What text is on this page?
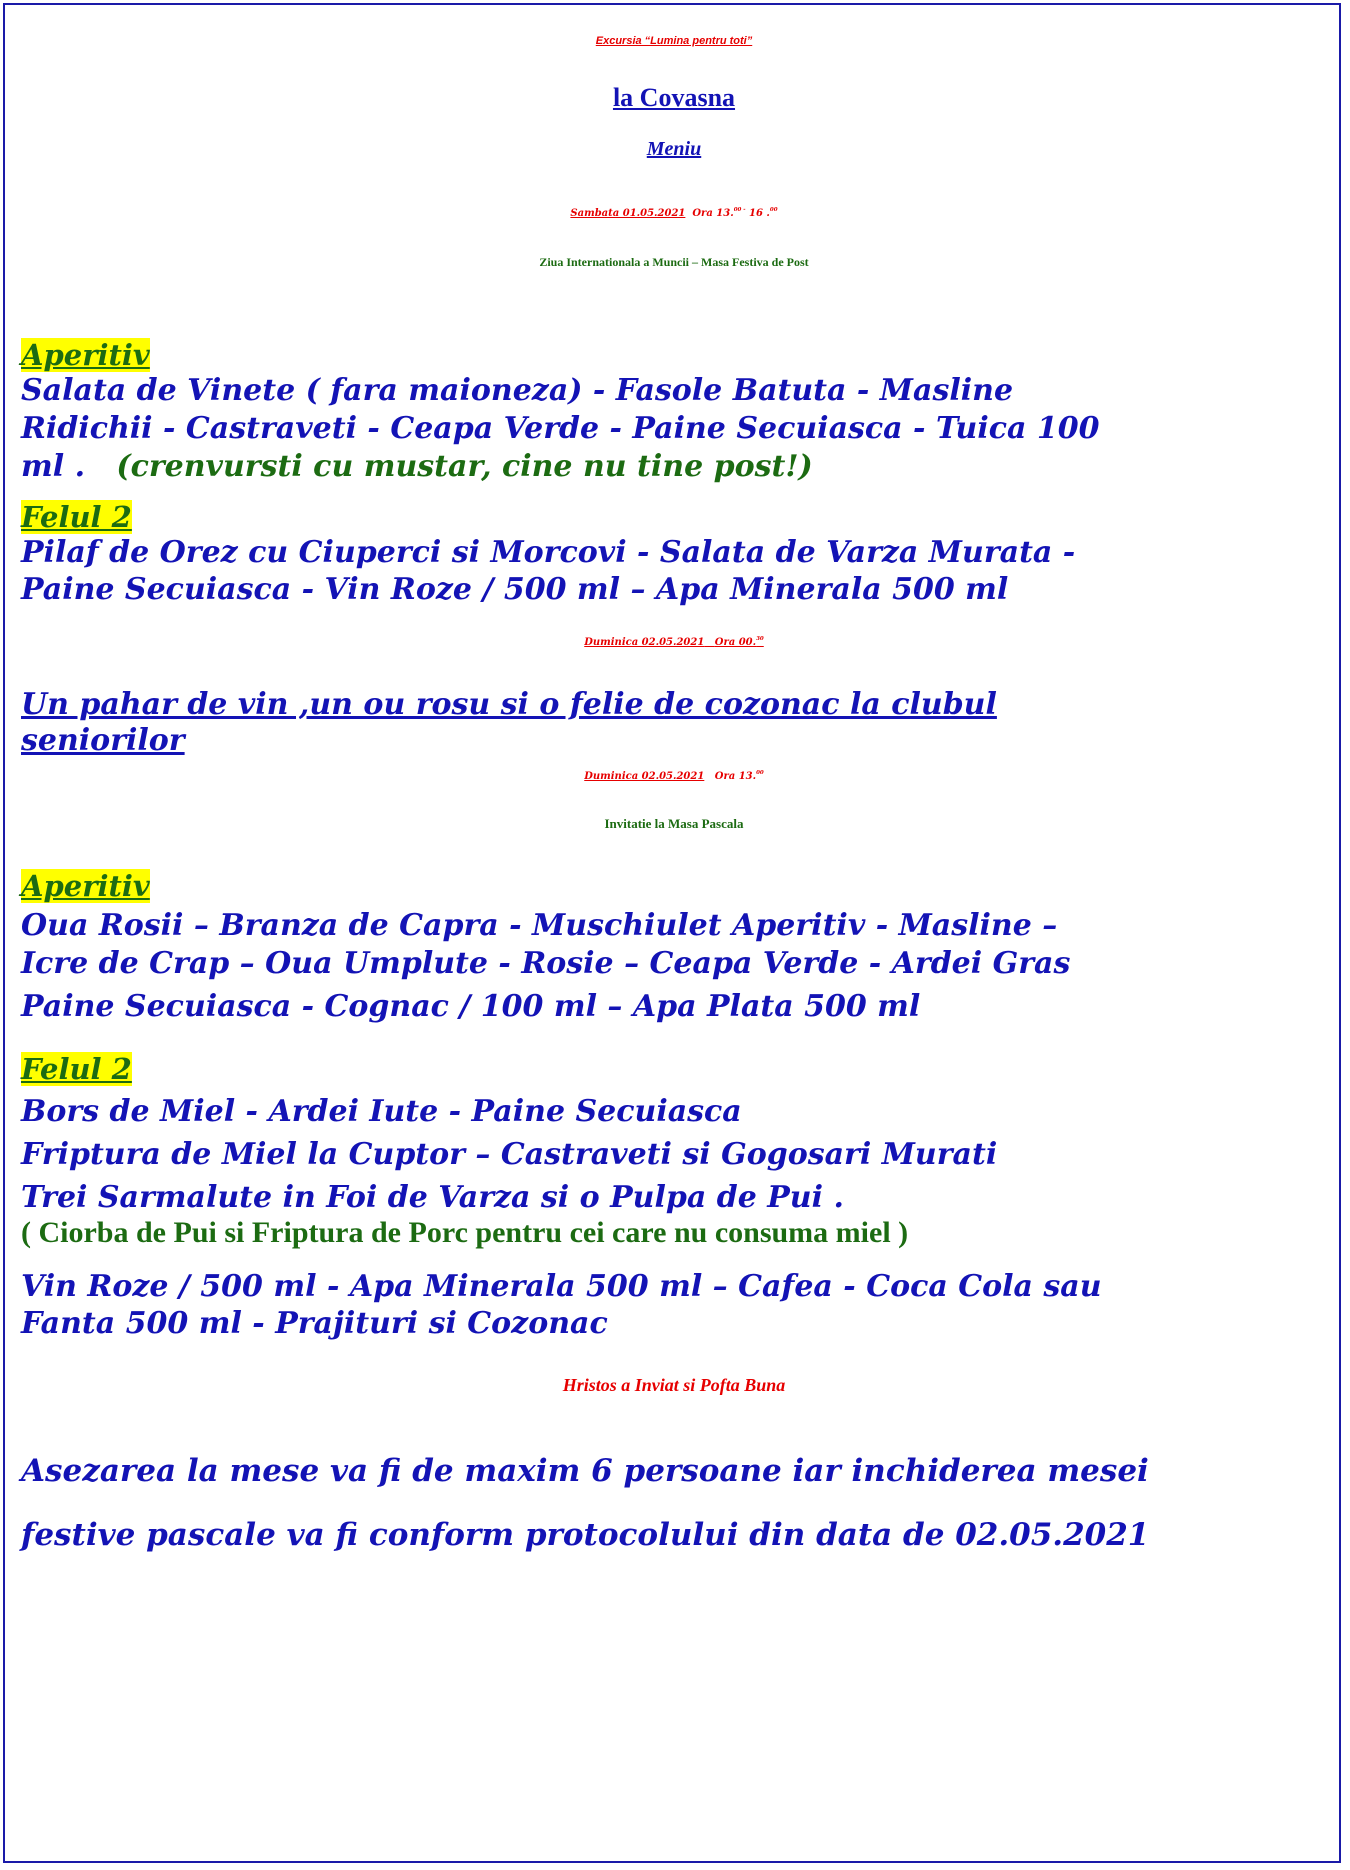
Excursia “Lumina pentru toti”

la Covasna

Meniu

Sambata 01.05.2021 Ora 13.$^{00 -}$ 16 .$^{00}$

Ziua Internationala a Muncii – Masa Festiva de Post

Aperitiv

Salata de Vinete ( fara maioneza) - Fasole Batuta - Masline

Ridichii - Castraveti - Ceapa Verde - Paine Secuiasca - Tuica 100

ml . (crenvursti cu mustar, cine nu tine post!)

Felul 2

Pilaf de Orez cu Ciuperci si Morcovi - Salata de Varza Murata -

Paine Secuiasca - Vin Roze / 500 ml – Apa Minerala 500 ml

Duminica 02.05.2021 Ora 00.30

Un pahar de vin ,un ou rosu si o felie de cozonac la clubul

seniorilor

Duminica 02.05.2021 Ora 13.00

Invitatie la Masa Pascala

Aperitiv

Oua Rosii – Branza de Capra - Muschiulet Aperitiv - Masline –

Icre de Crap – Oua Umplute - Rosie – Ceapa Verde - Ardei Gras

Paine Secuiasca - Cognac / 100 ml – Apa Plata 500 ml

Felul 2

Bors de Miel - Ardei Iute - Paine Secuiasca

Friptura de Miel la Cuptor – Castraveti si Gogosari Murati

Trei Sarmalute in Foi de Varza si o Pulpa de Pui .

( Ciorba de Pui si Friptura de Porc pentru cei care nu consuma miel )

Vin Roze / 500 ml - Apa Minerala 500 ml – Cafea - Coca Cola sau

Fanta 500 ml - Prajituri si Cozonac

Hristos a Inviat si Pofta Buna

Asezarea la mese va fi de maxim 6 persoane iar inchiderea mesei

festive pascale va fi conform protocolului din data de 02.05.2021
